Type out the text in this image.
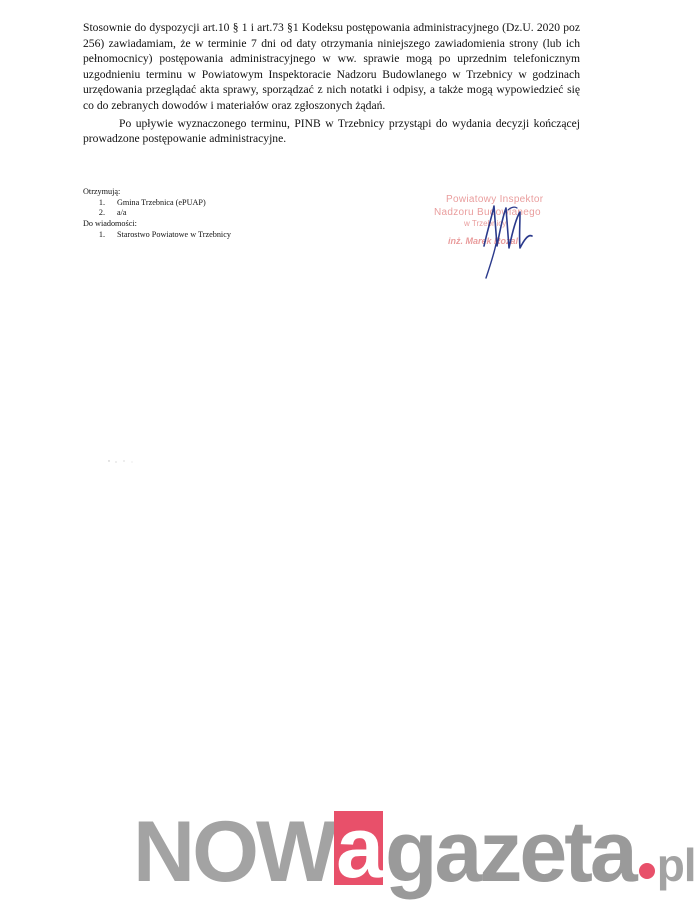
Stosownie do dyspozycji art.10 § 1 i art.73 §1 Kodeksu postępowania administracyjnego (Dz.U. 2020 poz 256) zawiadamiam, że w terminie 7 dni od daty otrzymania niniejszego zawiadomienia strony (lub ich pełnomocnicy) postępowania administracyjnego w ww. sprawie mogą po uprzednim telefonicznym uzgodnieniu terminu w Powiatowym Inspektoracie Nadzoru Budowlanego w Trzebnicy w godzinach urzędowania przeglądać akta sprawy, sporządzać z nich notatki i odpisy, a także mogą wypowiedzieć się co do zebranych dowodów i materiałów oraz zgłoszonych żądań.

Po upływie wyznaczonego terminu, PINB w Trzebnicy przystąpi do wydania decyzji kończącej prowadzone postępowanie administracyjne.

Otrzymują:
1. Gmina Trzebnica (ePUAP)
2. a/a
Do wiadomości:
1. Starostwo Powiatowe w Trzebnicy
Powiatowy Inspektor
Nadzoru Budowlanego
w Trzebnicy
inż. Marek Rozal
NOWagazeta pl
